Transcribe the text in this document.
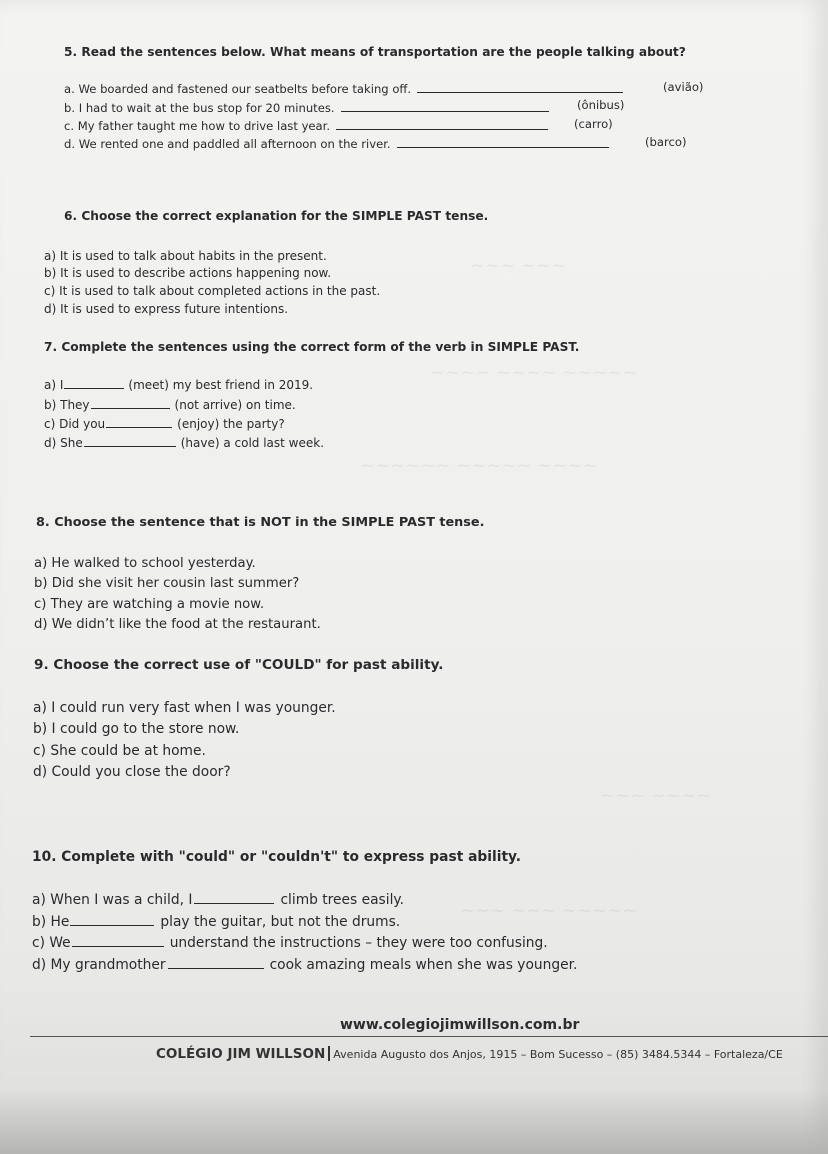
~~~ ~~~
~~~~ ~~~~ ~~~~~
~~~~~~ ~~~~~ ~~~~
~~~ ~~~~
~~~ ~~~ ~~~~~
5. Read the sentences below. What means of transportation are the people talking about?
a. We boarded and fastened our seatbelts before taking off.	(avião)
b. I had to wait at the bus stop for 20 minutes.	(ônibus)
c. My father taught me how to drive last year.	(carro)
d. We rented one and paddled all afternoon on the river.	(barco)
6. Choose the correct explanation for the SIMPLE PAST tense.
a) It is used to talk about habits in the present.
b) It is used to describe actions happening now.
c) It is used to talk about completed actions in the past.
d) It is used to express future intentions.
7. Complete the sentences using the correct form of the verb in SIMPLE PAST.
a) I	(meet) my best friend in 2019.
b) They	(not arrive) on time.
c) Did you	(enjoy) the party?
d) She	(have) a cold last week.
8. Choose the sentence that is NOT in the SIMPLE PAST tense.
a) He walked to school yesterday.
b) Did she visit her cousin last summer?
c) They are watching a movie now.
d) We didn’t like the food at the restaurant.
9. Choose the correct use of "COULD" for past ability.
a) I could run very fast when I was younger.
b) I could go to the store now.
c) She could be at home.
d) Could you close the door?
10. Complete with "could" or "couldn't" to express past ability.
a) When I was a child, I	climb trees easily.
b) He	play the guitar, but not the drums.
c) We	understand the instructions – they were too confusing.
d) My grandmother	cook amazing meals when she was younger.
www.colegiojimwillson.com.br
COLÉGIO JIM WILLSON Avenida Augusto dos Anjos, 1915 – Bom Sucesso – (85) 3484.5344 – Fortaleza/CE
